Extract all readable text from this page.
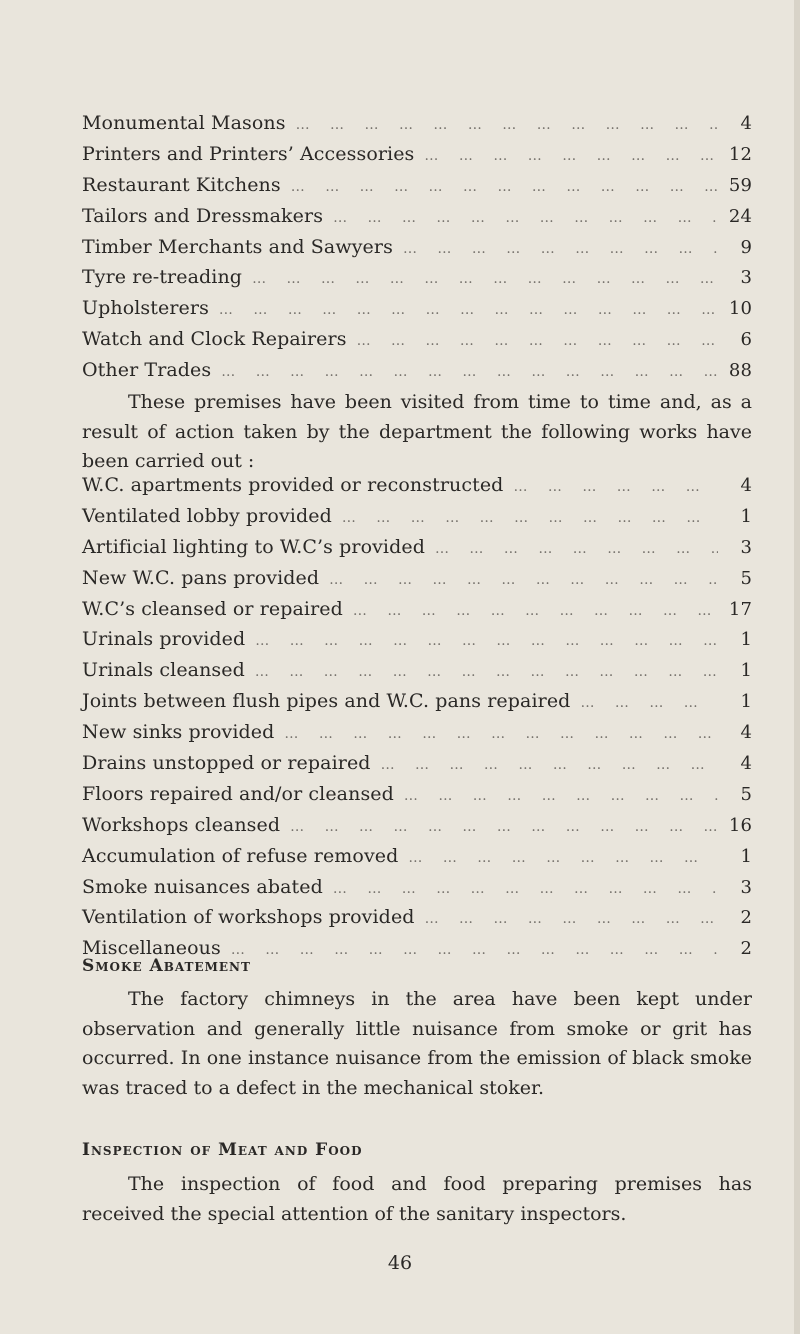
Monumental Masons … … … … … … … … … … … … … … … … … … … … … …	4
Printers and Printers’ Accessories … … … … … … … … … … … … … … … … … … … … … …	12
Restaurant Kitchens … … … … … … … … … … … … … … … … … … … … … …	59
Tailors and Dressmakers … … … … … … … … … … … … … … … … … … … … … …	24
Timber Merchants and Sawyers … … … … … … … … … … … … … … … … … … … … … …	9
Tyre re-treading … … … … … … … … … … … … … … … … … … … … … …	3
Upholsterers … … … … … … … … … … … … … … … … … … … … … …	10
Watch and Clock Repairers … … … … … … … … … … … … … … … … … … … … … …	6
Other Trades … … … … … … … … … … … … … … … … … … … … … …	88

These premises have been visited from time to time and, as a result of action taken by the department the following works have been carried out :

W.C. apartments provided or reconstructed … … … … … … … … … … … … … … … … … … … … … …	4
Ventilated lobby provided … … … … … … … … … … … … … … … … … … … … … …	1
Artificial lighting to W.C’s provided … … … … … … … … … … … … … … … … … … … … … …	3
New W.C. pans provided … … … … … … … … … … … … … … … … … … … … … …	5
W.C’s cleansed or repaired … … … … … … … … … … … … … … … … … … … … … …	17
Urinals provided … … … … … … … … … … … … … … … … … … … … … …	1
Urinals cleansed … … … … … … … … … … … … … … … … … … … … … …	1
Joints between flush pipes and W.C. pans repaired … … … … … … … … … … … … … … … … … … … … … …	1
New sinks provided … … … … … … … … … … … … … … … … … … … … … …	4
Drains unstopped or repaired … … … … … … … … … … … … … … … … … … … … … …	4
Floors repaired and/or cleansed … … … … … … … … … … … … … … … … … … … … … …	5
Workshops cleansed … … … … … … … … … … … … … … … … … … … … … …	16
Accumulation of refuse removed … … … … … … … … … … … … … … … … … … … … … …	1
Smoke nuisances abated … … … … … … … … … … … … … … … … … … … … … …	3
Ventilation of workshops provided … … … … … … … … … … … … … … … … … … … … … …	2
Miscellaneous … … … … … … … … … … … … … … … … … … … … … …	2
Smoke Abatement

The factory chimneys in the area have been kept under observation and generally little nuisance from smoke or grit has occurred. In one instance nuisance from the emission of black smoke was traced to a defect in the mechanical stoker.

Inspection of Meat and Food

The inspection of food and food preparing premises has received the special attention of the sanitary inspectors.

46
